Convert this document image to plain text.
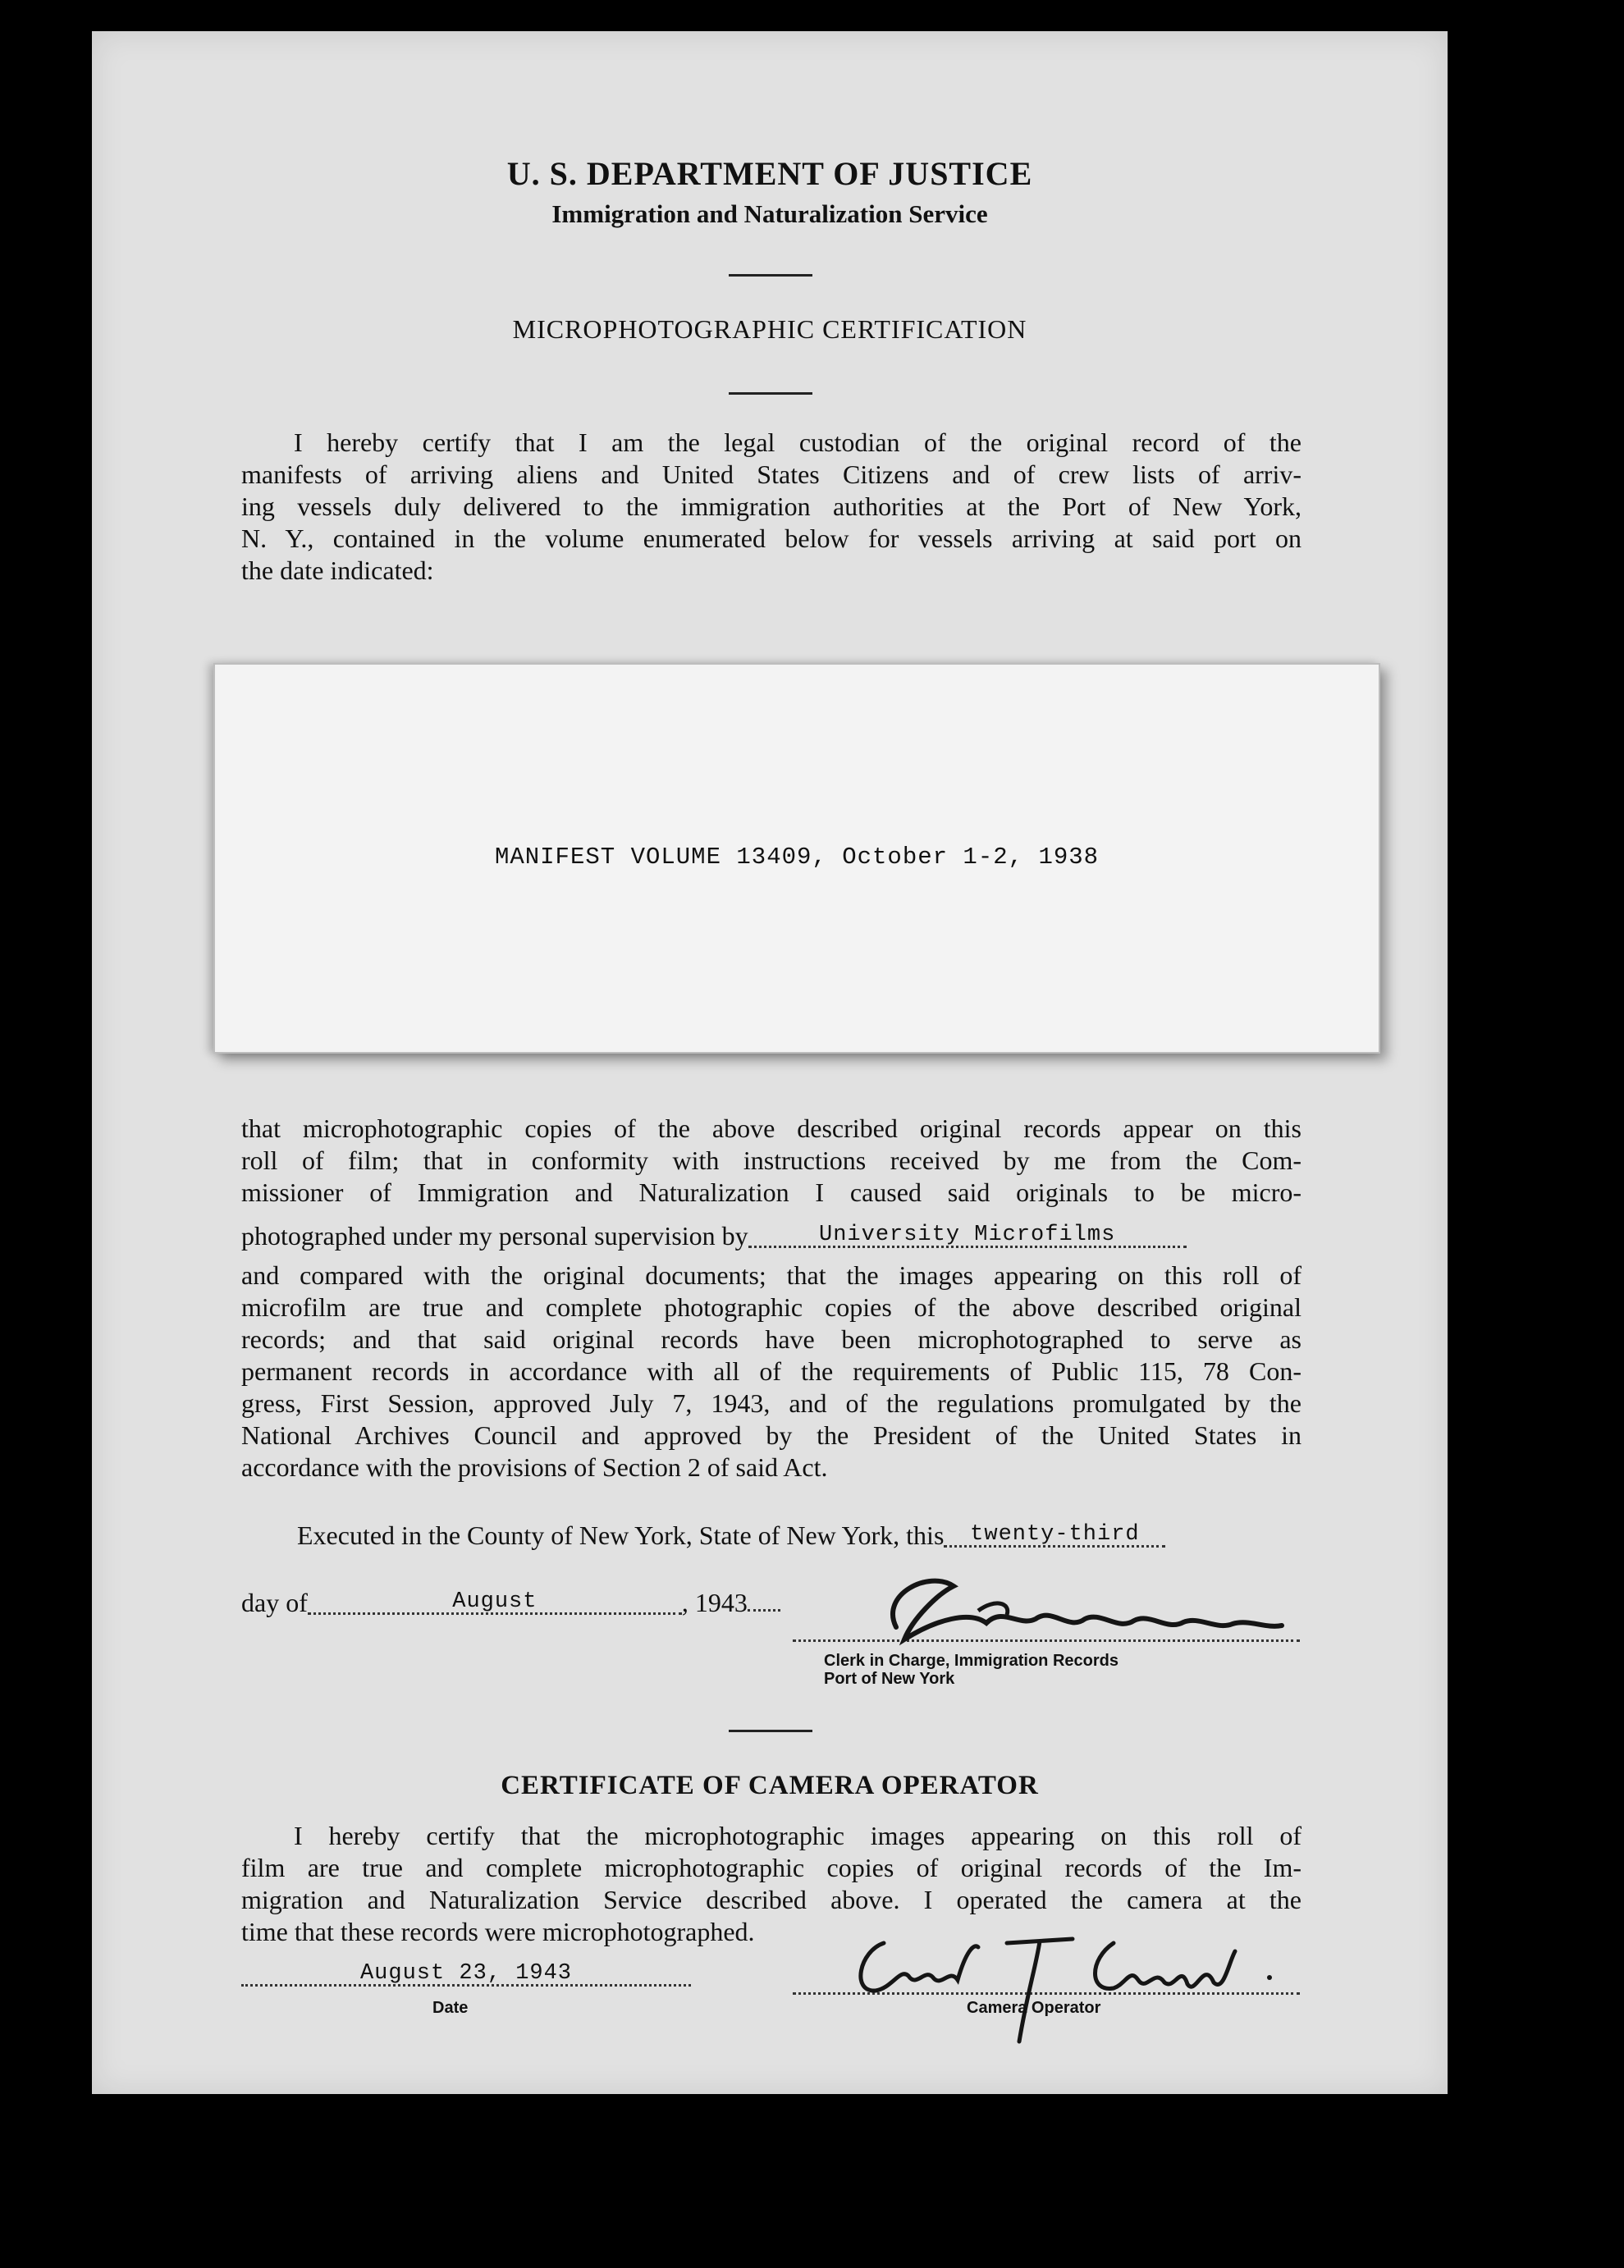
U. S. DEPARTMENT OF JUSTICE
Immigration and Naturalization Service
MICROPHOTOGRAPHIC CERTIFICATION
I hereby certify that I am the legal custodian of the original record of the
manifests of arriving aliens and United States Citizens and of crew lists of arriv-
ing vessels duly delivered to the immigration authorities at the Port of New York,
N. Y., contained in the volume enumerated below for vessels arriving at said port on
the date indicated:
MANIFEST VOLUME 13409, October 1-2, 1938
that microphotographic copies of the above described original records appear on this
roll of film; that in conformity with instructions received by me from the Com-
missioner of Immigration and Naturalization I caused said originals to be micro-
photographed under my personal supervision by	University Microfilms
and compared with the original documents; that the images appearing on this roll of
microfilm are true and complete photographic copies of the above described original
records; and that said original records have been microphotographed to serve as
permanent records in accordance with all of the requirements of Public 115, 78 Con-
gress, First Session, approved July 7, 1943, and of the regulations promulgated by the
National Archives Council and approved by the President of the United States in
accordance with the provisions of Section 2 of said Act.
Executed in the County of New York, State of New York, this twenty-third
day of	August	, 1943
Clerk in Charge, Immigration Records
Port of New York
CERTIFICATE OF CAMERA OPERATOR
I hereby certify that the microphotographic images appearing on this roll of
film are true and complete microphotographic copies of original records of the Im-
migration and Naturalization Service described above. I operated the camera at the
time that these records were microphotographed.
August 23, 1943
Date	Camera Operator
